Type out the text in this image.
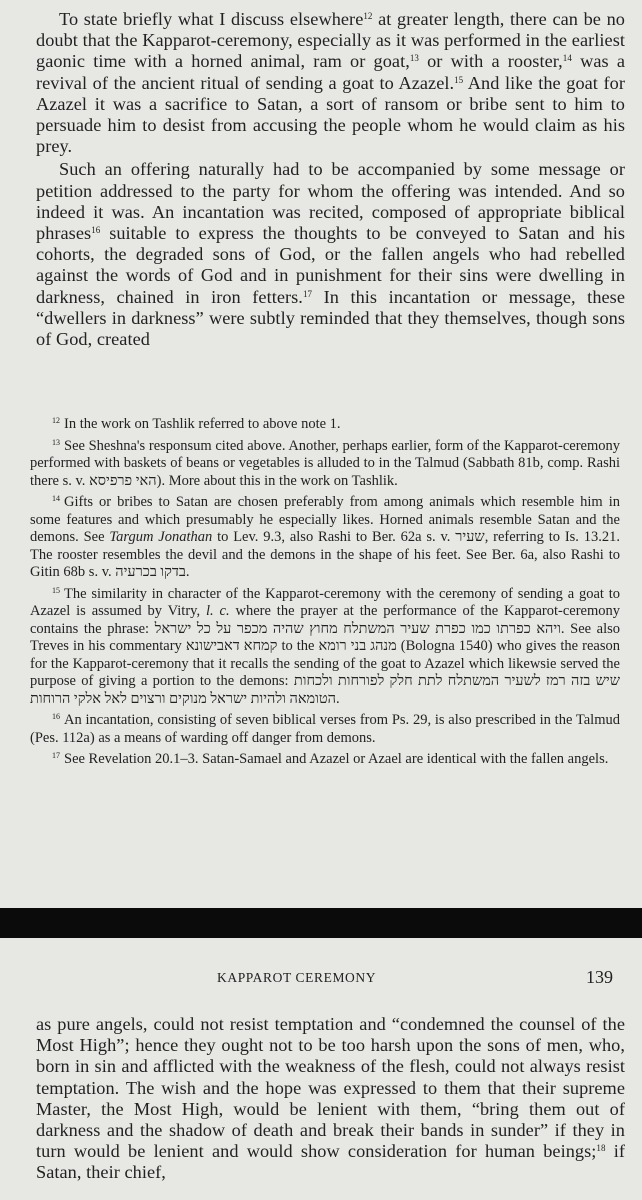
To state briefly what I discuss elsewhere$^{12}$ at greater length, there can be no doubt that the Kapparot-ceremony, especially as it was performed in the earliest gaonic time with a horned animal, ram or goat,$^{13}$ or with a rooster,$^{14}$ was a revival of the ancient ritual of sending a goat to Azazel.$^{15}$ And like the goat for Azazel it was a sacrifice to Satan, a sort of ransom or bribe sent to him to persuade him to desist from accusing the people whom he would claim as his prey.

Such an offering naturally had to be accompanied by some message or petition addressed to the party for whom the offering was intended. And so indeed it was. An incantation was recited, composed of appropriate biblical phrases$^{16}$ suitable to express the thoughts to be conveyed to Satan and his cohorts, the degraded sons of God, or the fallen angels who had rebelled against the words of God and in punishment for their sins were dwelling in darkness, chained in iron fetters.$^{17}$ In this incantation or message, these “dwellers in darkness” were subtly reminded that they themselves, though sons of God, created

$^{12}$ In the work on Tashlik referred to above note 1.

$^{13}$ See Sheshna's responsum cited above. Another, perhaps earlier, form of the Kapparot-ceremony performed with baskets of beans or vegetables is alluded to in the Talmud (Sabbath 81b, comp. Rashi there s. v. האי פרפיסא). More about this in the work on Tashlik.

$^{14}$ Gifts or bribes to Satan are chosen preferably from among animals which resemble him in some features and which presumably he especially likes. Horned animals resemble Satan and the demons. See Targum Jonathan to Lev. 9.3, also Rashi to Ber. 62a s. v. שעיר, referring to Is. 13.21. The rooster resembles the devil and the demons in the shape of his feet. See Ber. 6a, also Rashi to Gitin 68b s. v. בדקו בכרעיה.

$^{15}$ The similarity in character of the Kapparot-ceremony with the ceremony of sending a goat to Azazel is assumed by Vitry, l. c. where the prayer at the performance of the Kapparot-ceremony contains the phrase: ויהא כפרתו כמו כפרת שעיר המשתלח מחוץ שהיה מכפר על כל ישראל. See also Treves in his commentary קמחא דאבישונא to the מנהג בני רומא (Bologna 1540) who gives the reason for the Kapparot-ceremony that it recalls the sending of the goat to Azazel which likewsie served the purpose of giving a portion to the demons: שיש בזה רמז לשעיר המשתלח לתת חלק לפורחות ולכחות הטומאה ולהיות ישראל מנוקים ורצוים לאל אלקי הרוחות.

$^{16}$ An incantation, consisting of seven biblical verses from Ps. 29, is also prescribed in the Talmud (Pes. 112a) as a means of warding off danger from demons.

$^{17}$ See Revelation 20.1–3. Satan-Samael and Azazel or Azael are identical with the fallen angels.

KAPPAROT CEREMONY	139

as pure angels, could not resist temptation and “condemned the counsel of the Most High”; hence they ought not to be too harsh upon the sons of men, who, born in sin and afflicted with the weakness of the flesh, could not always resist temptation. The wish and the hope was expressed to them that their supreme Master, the Most High, would be lenient with them, “bring them out of darkness and the shadow of death and break their bands in sunder” if they in turn would be lenient and would show consideration for human beings;$^{18}$ if Satan, their chief,
